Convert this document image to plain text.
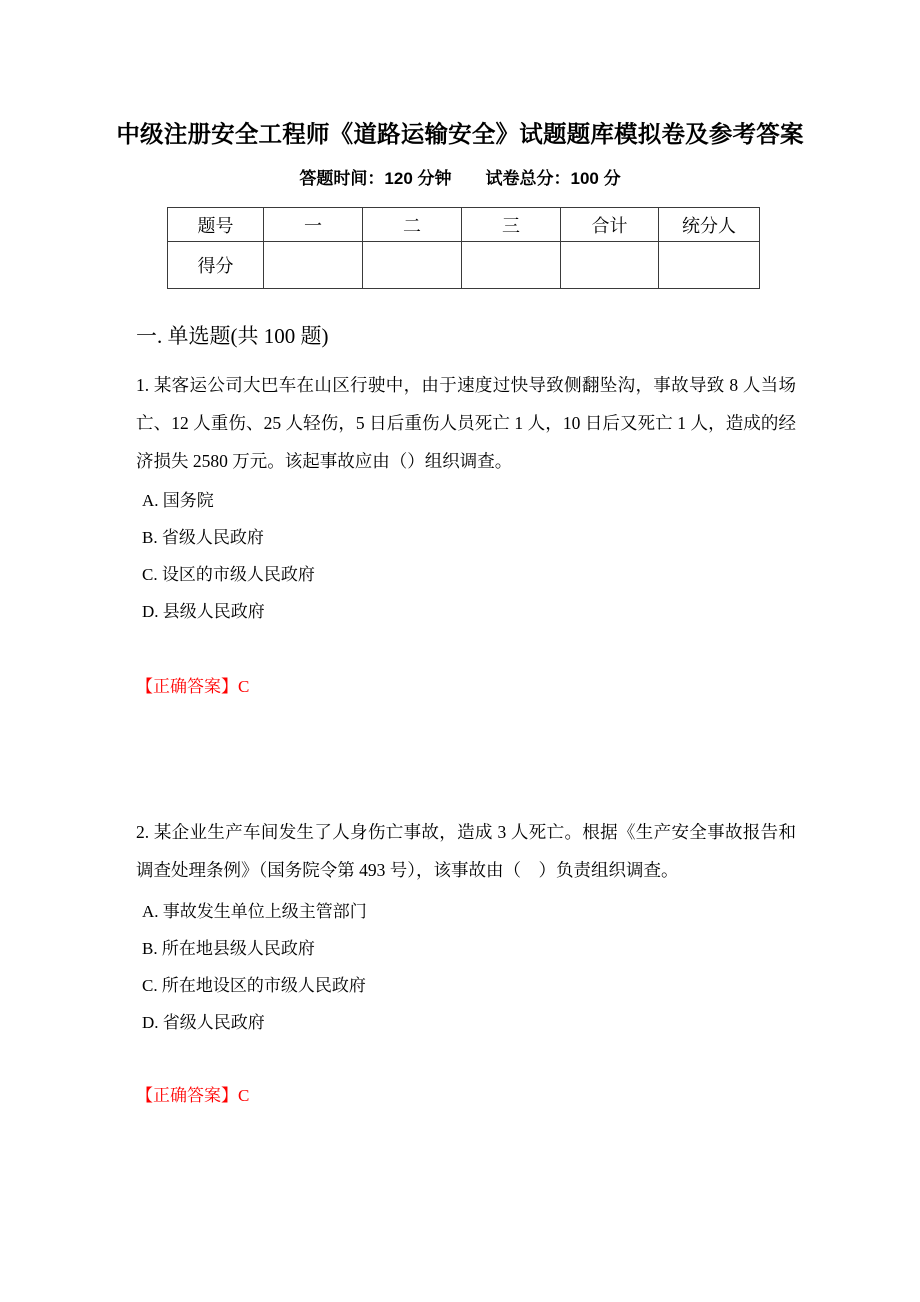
中级注册安全工程师《道路运输安全》试题题库模拟卷及参考答案
答题时间：120 分钟　　试卷总分：100 分
题号	一	二	三	合计	统分人
得分					
一. 单选题(共 100 题)

1. 某客运公司大巴车在山区行驶中，由于速度过快导致侧翻坠沟，事故导致 8 人当场亡、12 人重伤、25 人轻伤，5 日后重伤人员死亡 1 人，10 日后又死亡 1 人，造成的经济损失 2580 万元。该起事故应由（）组织调查。

A. 国务院
B. 省级人民政府
C. 设区的市级人民政府
D. 县级人民政府

【正确答案】C

2. 某企业生产车间发生了人身伤亡事故，造成 3 人死亡。根据《生产安全事故报告和调查处理条例》（国务院令第 493 号），该事故由（　）负责组织调查。

A. 事故发生单位上级主管部门
B. 所在地县级人民政府
C. 所在地设区的市级人民政府
D. 省级人民政府

【正确答案】C
